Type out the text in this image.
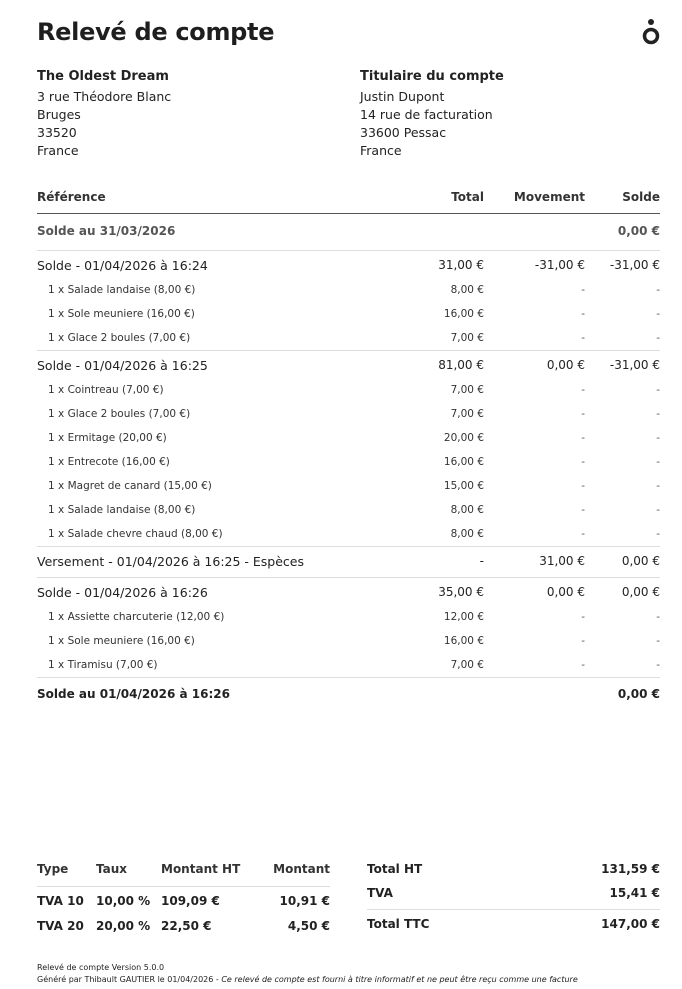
Relevé de compte
The Oldest Dream
3 rue Théodore Blanc
Bruges
33520
France
Titulaire du compte
Justin Dupont
14 rue de facturation
33600 Pessac
France
Référence	Total Movement	Solde
Solde au 31/03/2026	0,00 €
Solde - 01/04/2026 à 16:24	31,00 €	-31,00 € -31,00 €
1 x Salade landaise (8,00 €)	8,00 €	-	-
1 x Sole meuniere (16,00 €)	16,00 €	-	-
1 x Glace 2 boules (7,00 €)	7,00 €	-	-
Solde - 01/04/2026 à 16:25	81,00 €	0,00 € -31,00 €
1 x Cointreau (7,00 €)	7,00 €	-	-
1 x Glace 2 boules (7,00 €)	7,00 €	-	-
1 x Ermitage (20,00 €)	20,00 €	-	-
1 x Entrecote (16,00 €)	16,00 €	-	-
1 x Magret de canard (15,00 €)	15,00 €	-	-
1 x Salade landaise (8,00 €)	8,00 €	-	-
1 x Salade chevre chaud (8,00 €)	8,00 €	-	-
Versement - 01/04/2026 à 16:25 - Espèces	-	31,00 €	0,00 €
Solde - 01/04/2026 à 16:26	35,00 €	0,00 €	0,00 €
1 x Assiette charcuterie (12,00 €)	12,00 €	-	-
1 x Sole meuniere (16,00 €)	16,00 €	-	-
1 x Tiramisu (7,00 €)	7,00 €	-	-
Solde au 01/04/2026 à 16:26	0,00 €
Type Taux	Montant HT	Montant
TVA 10 10,00 % 109,09 €	10,91 €
TVA 20 20,00 % 22,50 €	4,50 €
Total HT	131,59 €
TVA	15,41 €
Total TTC	147,00 €
Relevé de compte Version 5.0.0
Généré par Thibault GAUTIER le 01/04/2026 - Ce relevé de compte est fourni à titre informatif et ne peut être reçu comme une facture
